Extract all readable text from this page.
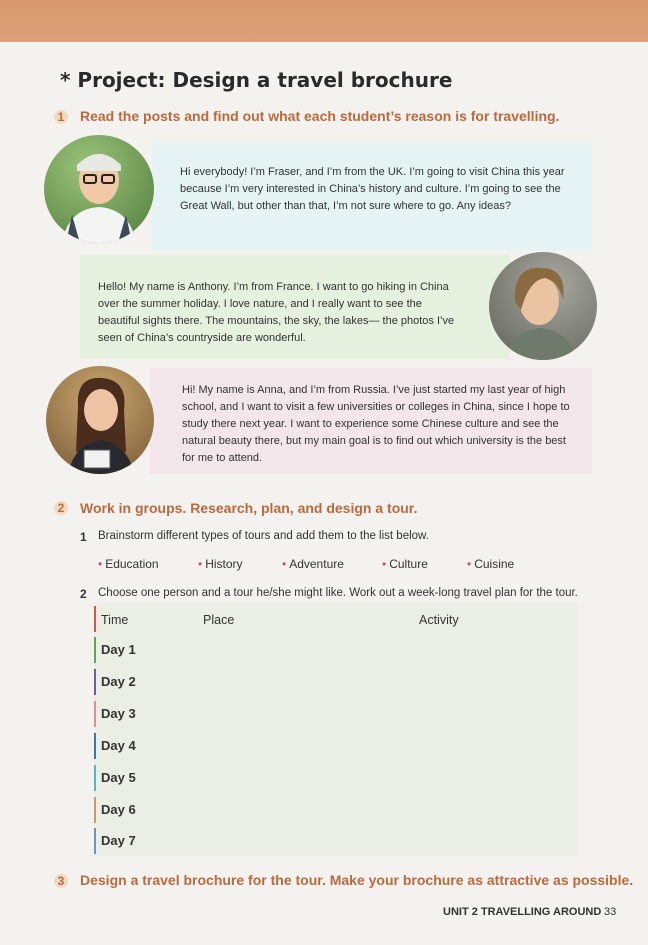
* Project: Design a travel brochure
1 Read the posts and find out what each student’s reason is for travelling.
Hi everybody! I’m Fraser, and I’m from the UK. I’m going to visit China this year because I’m very interested in China’s history and culture. I’m going to see the Great Wall, but other than that, I’m not sure where to go. Any ideas?
Hello! My name is Anthony. I’m from France. I want to go hiking in China over the summer holiday. I love nature, and I really want to see the beautiful sights there. The mountains, the sky, the lakes— the photos I’ve seen of China’s countryside are wonderful.
Hi! My name is Anna, and I’m from Russia. I’ve just started my last year of high school, and I want to visit a few universities or colleges in China, since I hope to study there next year. I want to experience some Chinese culture and see the natural beauty there, but my main goal is to find out which university is the best for me to attend.
2 Work in groups. Research, plan, and design a tour.
1 Brainstorm different types of tours and add them to the list below.
• Education	• History	• Adventure	• Culture	• Cuisine
2 Choose one person and a tour he/she might like. Work out a week-long travel plan for the tour.
Time	Place	Activity
Day 1
Day 2
Day 3
Day 4
Day 5
Day 6
Day 7
3 Design a travel brochure for the tour. Make your brochure as attractive as possible.
UNIT 2 TRAVELLING AROUND 33
